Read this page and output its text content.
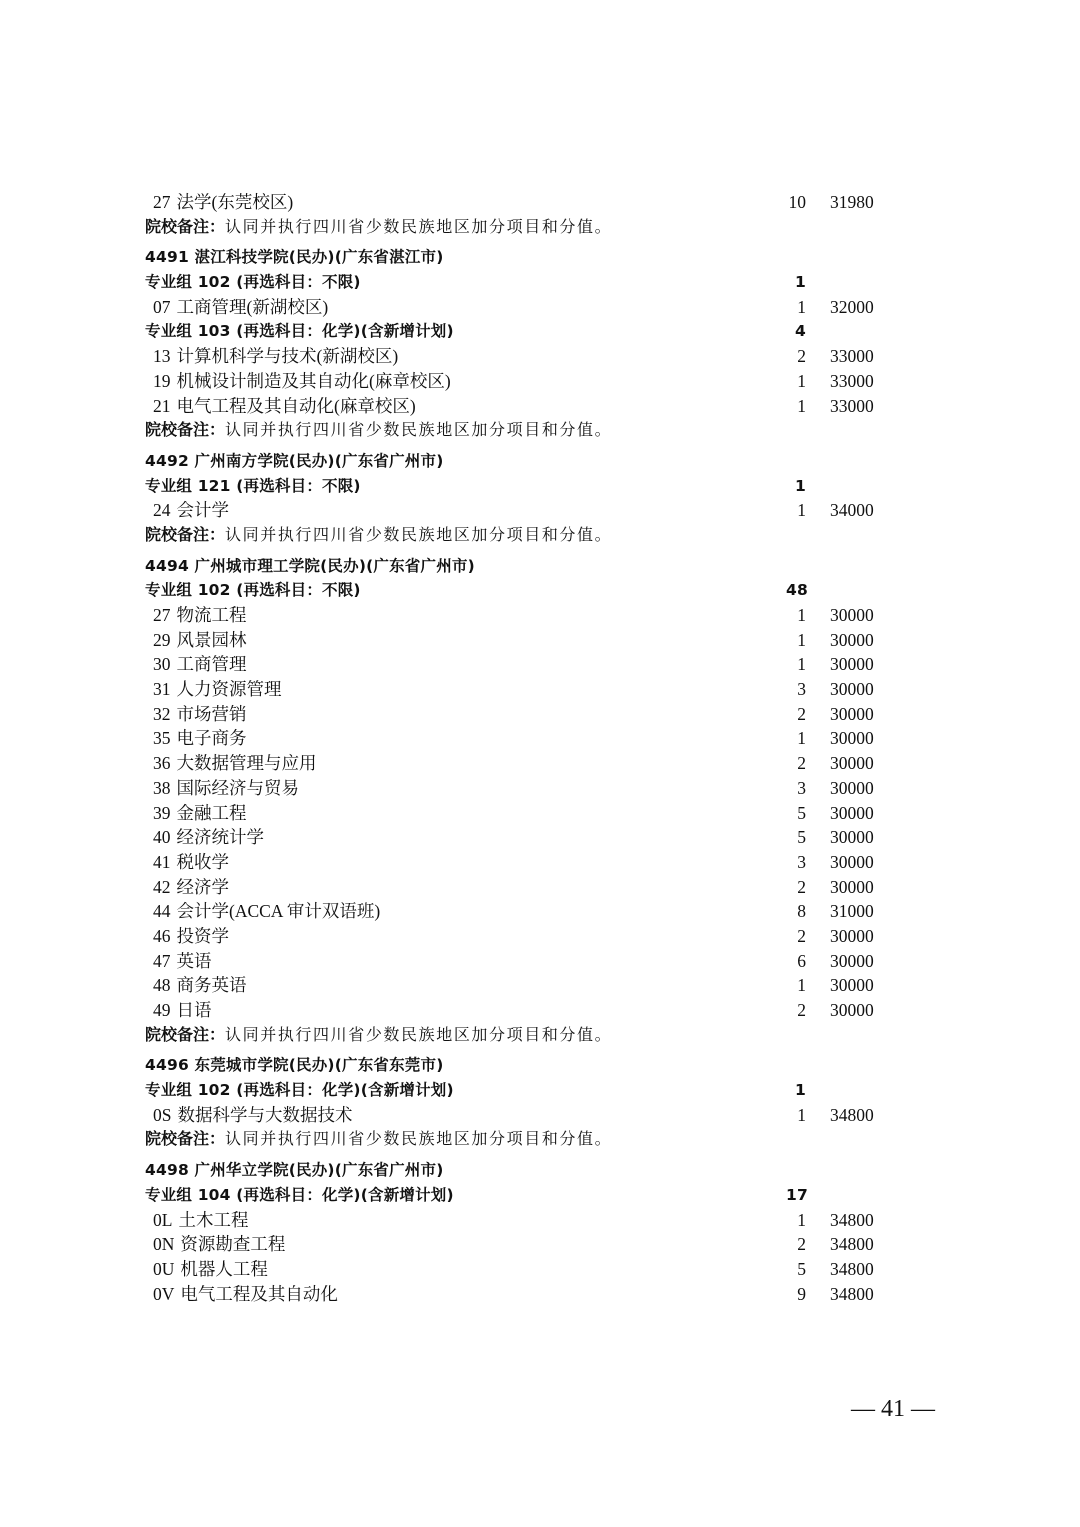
27 法学(东莞校区)	10 31980
院校备注：认同并执行四川省少数民族地区加分项目和分值。
4491 湛江科技学院(民办)(广东省湛江市)
专业组 102 (再选科目：不限)	1
07 工商管理(新湖校区)	1 32000
专业组 103 (再选科目：化学)(含新增计划)	4
13 计算机科学与技术(新湖校区)	2 33000
19 机械设计制造及其自动化(麻章校区)	1 33000
21 电气工程及其自动化(麻章校区)	1 33000
院校备注：认同并执行四川省少数民族地区加分项目和分值。
4492 广州南方学院(民办)(广东省广州市)
专业组 121 (再选科目：不限)	1
24 会计学	1 34000
院校备注：认同并执行四川省少数民族地区加分项目和分值。
4494 广州城市理工学院(民办)(广东省广州市)
专业组 102 (再选科目：不限)	48
27 物流工程	1 30000
29 风景园林	1 30000
30 工商管理	1 30000
31 人力资源管理	3 30000
32 市场营销	2 30000
35 电子商务	1 30000
36 大数据管理与应用	2 30000
38 国际经济与贸易	3 30000
39 金融工程	5 30000
40 经济统计学	5 30000
41 税收学	3 30000
42 经济学	2 30000
44 会计学(ACCA 审计双语班)	8 31000
46 投资学	2 30000
47 英语	6 30000
48 商务英语	1 30000
49 日语	2 30000
院校备注：认同并执行四川省少数民族地区加分项目和分值。
4496 东莞城市学院(民办)(广东省东莞市)
专业组 102 (再选科目：化学)(含新增计划)	1
0S 数据科学与大数据技术	1 34800
院校备注：认同并执行四川省少数民族地区加分项目和分值。
4498 广州华立学院(民办)(广东省广州市)
专业组 104 (再选科目：化学)(含新增计划)	17
0L 土木工程	1 34800
0N 资源勘查工程	2 34800
0U 机器人工程	5 34800
0V 电气工程及其自动化	9 34800
— 41 —
